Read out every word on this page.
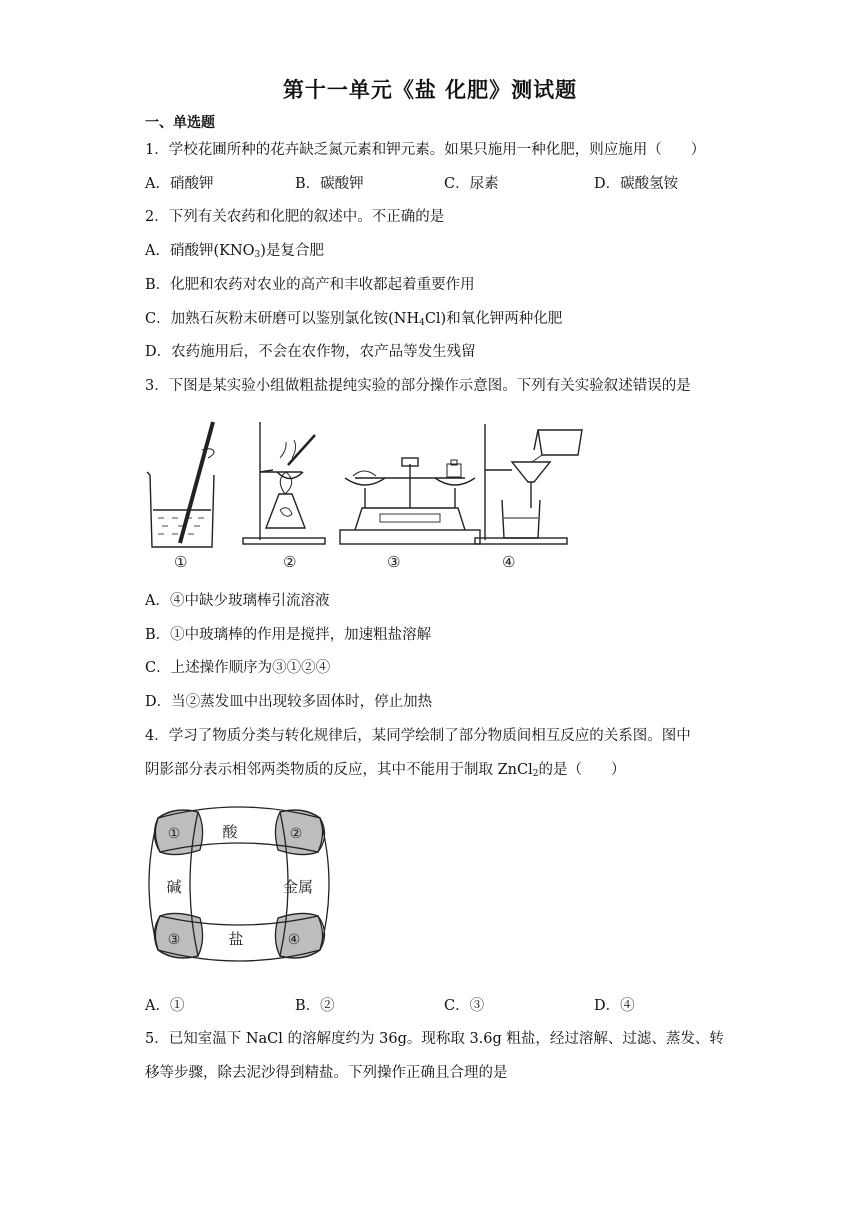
第十一单元《盐 化肥》测试题
一、单选题
1．学校花圃所种的花卉缺乏氮元素和钾元素。如果只施用一种化肥，则应施用（　　）
A．硝酸钾	B．碳酸钾	C．尿素	D．碳酸氢铵
2．下列有关农药和化肥的叙述中。不正确的是
A．硝酸钾$(KNO_3)$是复合肥
B．化肥和农药对农业的高产和丰收都起着重要作用
C．加熟石灰粉末研磨可以鉴别氯化铵$(NH_4Cl)$和氧化钾两种化肥
D．农药施用后，不会在农作物，农产品等发生残留
3．下图是某实验小组做粗盐提纯实验的部分操作示意图。下列有关实验叙述错误的是
①	②	③	④
A．④中缺少玻璃棒引流溶液
B．①中玻璃棒的作用是搅拌，加速粗盐溶解
C．上述操作顺序为③①②④
D．当②蒸发皿中出现较多固体时，停止加热
4．学习了物质分类与转化规律后，某同学绘制了部分物质间相互反应的关系图。图中
阴影部分表示相邻两类物质的反应，其中不能用于制取 ZnCl$_2$的是（　　）
酸
碱	金属
盐
①	②
③	④
A．①	B．②	C．③	D．④
5．已知室温下 NaCl 的溶解度约为 36g。现称取 3.6g 粗盐，经过溶解、过滤、蒸发、转
移等步骤，除去泥沙得到精盐。下列操作正确且合理的是
